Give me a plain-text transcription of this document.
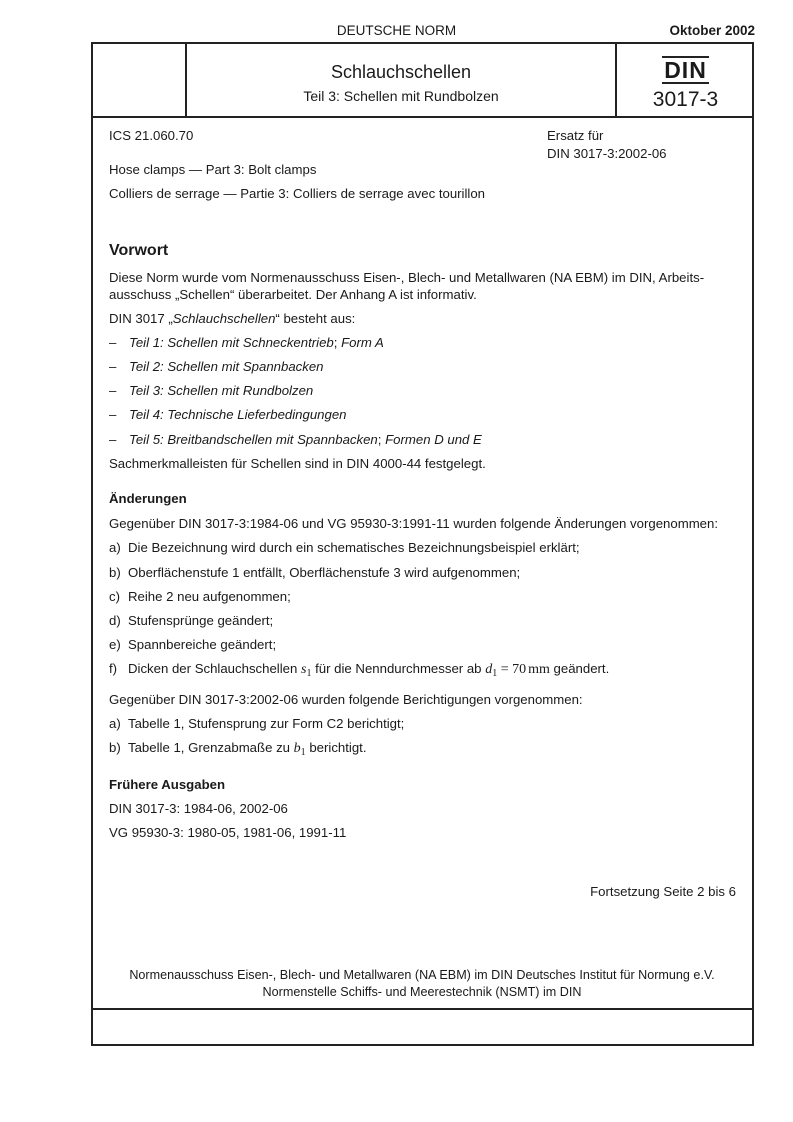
DEUTSCHE NORM	Oktober 2002
Schlauchschellen
Teil 3: Schellen mit Rundbolzen
DIN
3017-3
Normenausschuss Eisen-, Blech- und Metallwaren (NA EBM) im DIN Deutsches Institut für Normung e.V.
Normenstelle Schiffs- und Meerestechnik (NSMT) im DIN
ICS 21.060.70	Ersatz für
DIN 3017-3:2002-06
Hose clamps — Part 3: Bolt clamps
Colliers de serrage — Partie 3: Colliers de serrage avec tourillon
Vorwort
Diese Norm wurde vom Normenausschuss Eisen-, Blech- und Metallwaren (NA EBM) im DIN, Arbeits-
ausschuss „Schellen“ überarbeitet. Der Anhang A ist informativ.
DIN 3017 „Schlauchschellen“ besteht aus:
– Teil 1: Schellen mit Schneckentrieb; Form A
– Teil 2: Schellen mit Spannbacken
– Teil 3: Schellen mit Rundbolzen
– Teil 4: Technische Lieferbedingungen
– Teil 5: Breitbandschellen mit Spannbacken; Formen D und E
Sachmerkmalleisten für Schellen sind in DIN 4000-44 festgelegt.
Änderungen
Gegenüber DIN 3017-3:1984-06 und VG 95930-3:1991-11 wurden folgende Änderungen vorgenommen:
a) Die Bezeichnung wird durch ein schematisches Bezeichnungsbeispiel erklärt;
b) Oberflächenstufe 1 entfällt, Oberflächenstufe 3 wird aufgenommen;
c) Reihe 2 neu aufgenommen;
d) Stufensprünge geändert;
e) Spannbereiche geändert;
f) Dicken der Schlauchschellen $s_1$ für die Nenndurchmesser ab $d_1 = 70$ mm geändert.
Gegenüber DIN 3017-3:2002-06 wurden folgende Berichtigungen vorgenommen:
a) Tabelle 1, Stufensprung zur Form C2 berichtigt;
b) Tabelle 1, Grenzabmaße zu $b_1$ berichtigt.
Frühere Ausgaben
DIN 3017-3: 1984-06, 2002-06
VG 95930-3: 1980-05, 1981-06, 1991-11
Fortsetzung Seite 2 bis 6
